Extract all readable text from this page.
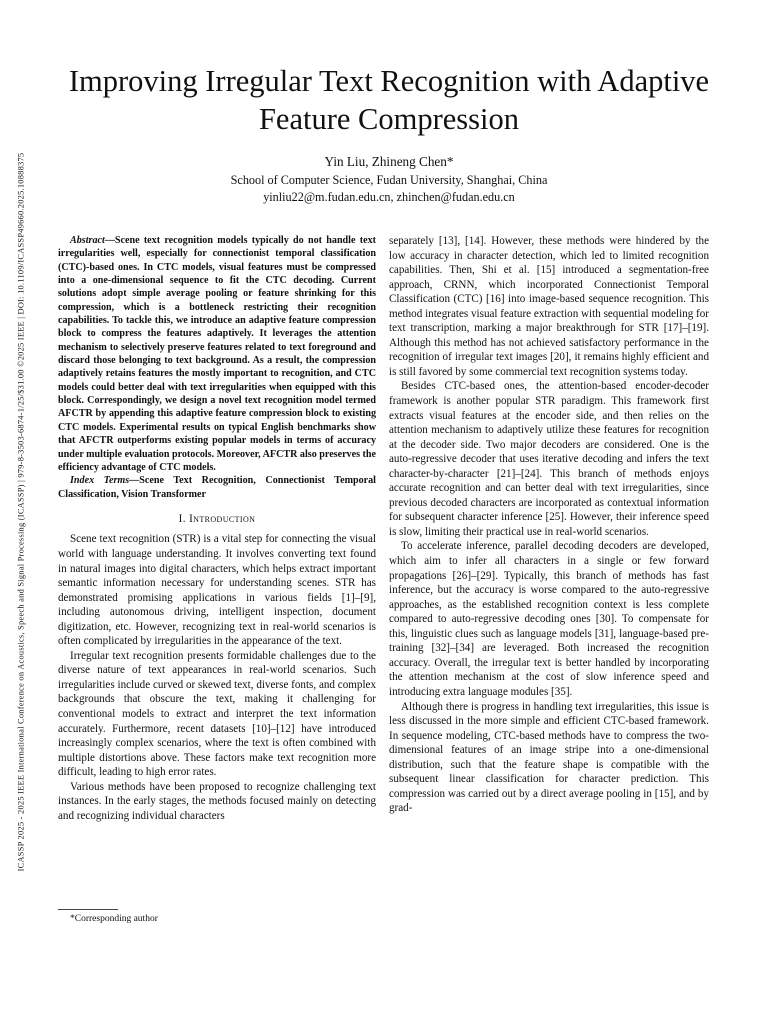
ICASSP 2025 - 2025 IEEE International Conference on Acoustics, Speech and Signal Processing (ICASSP) | 979-8-3503-6874-1/25/$31.00 ©2025 IEEE | DOI: 10.1109/ICASSP49660.2025.10888375
Improving Irregular Text Recognition with Adaptive Feature Compression
Yin Liu, Zhineng Chen*
School of Computer Science, Fudan University, Shanghai, China
yinliu22@m.fudan.edu.cn, zhinchen@fudan.edu.cn

Abstract—Scene text recognition models typically do not handle text irregularities well, especially for connectionist temporal classification (CTC)-based ones. In CTC models, visual features must be compressed into a one-dimensional sequence to fit the CTC decoding. Current solutions adopt simple average pooling or feature shrinking for this compression, which is a bottleneck restricting their recognition capabilities. To tackle this, we introduce an adaptive feature compression block to compress the features adaptively. It leverages the attention mechanism to selectively preserve features related to text foreground and discard those belonging to text background. As a result, the compression adaptively retains features the mostly important to recognition, and CTC models could better deal with text irregularities when equipped with this block. Correspondingly, we design a novel text recognition model termed AFCTR by appending this adaptive feature compression block to existing CTC models. Experimental results on typical English benchmarks show that AFCTR outperforms existing popular models in terms of accuracy under multiple evaluation protocols. Moreover, AFCTR also preserves the efficiency advantage of CTC models.

Index Terms—Scene Text Recognition, Connectionist Temporal Classification, Vision Transformer

I. Introduction

Scene text recognition (STR) is a vital step for connecting the visual world with language understanding. It involves converting text found in natural images into digital characters, which helps extract important semantic information necessary for understanding scenes. STR has demonstrated promising applications in various fields [1]–[9], including autonomous driving, intelligent inspection, document digitization, etc. However, recognizing text in real-world scenarios is often complicated by irregularities in the appearance of the text.

Irregular text recognition presents formidable challenges due to the diverse nature of text appearances in real-world scenarios. Such irregularities include curved or skewed text, diverse fonts, and complex backgrounds that obscure the text, making it challenging for conventional models to extract and interpret the text information accurately. Furthermore, recent datasets [10]–[12] have introduced increasingly complex scenarios, where the text is often combined with multiple distortions above. These factors make text recognition more difficult, leading to high error rates.

Various methods have been proposed to recognize challenging text instances. In the early stages, the methods focused mainly on detecting and recognizing individual characters

separately [13], [14]. However, these methods were hindered by the low accuracy in character detection, which led to limited recognition capabilities. Then, Shi et al. [15] introduced a segmentation-free approach, CRNN, which incorporated Connectionist Temporal Classification (CTC) [16] into image-based sequence recognition. This method integrates visual feature extraction with sequential modeling for text transcription, marking a major breakthrough for STR [17]–[19]. Although this method has not achieved satisfactory performance in the recognition of irregular text images [20], it remains highly efficient and is still favored by some commercial text recognition systems today.

Besides CTC-based ones, the attention-based encoder-decoder framework is another popular STR paradigm. This framework first extracts visual features at the encoder side, and then relies on the attention mechanism to adaptively utilize these features for recognition at the decoder side. Two major decoders are considered. One is the auto-regressive decoder that uses iterative decoding and infers the text character-by-character [21]–[24]. This branch of methods enjoys accurate recognition and can better deal with text irregularities, since previous decoded characters are incorporated as contextual information for subsequent character inference [25]. However, their inference speed is slow, limiting their practical use in real-world scenarios.

To accelerate inference, parallel decoding decoders are developed, which aim to infer all characters in a single or few forward propagations [26]–[29]. Typically, this branch of methods has fast inference, but the accuracy is worse compared to the auto-regressive approaches, as the established recognition context is less complete compared to auto-regressive decoding ones [30]. To compensate for this, linguistic clues such as language models [31], language-based pre-training [32]–[34] are leveraged. Both increased the recognition accuracy. Overall, the irregular text is better handled by incorporating the attention mechanism at the cost of slow inference speed and introducing extra language modules [35].

Although there is progress in handling text irregularities, this issue is less discussed in the more simple and efficient CTC-based framework. In sequence modeling, CTC-based methods have to compress the two-dimensional features of an image stripe into a one-dimensional distribution, such that the feature shape is compatible with the subsequent linear classification for character prediction. This compression was carried out by a direct average pooling in [15], and by grad-

*Corresponding author
